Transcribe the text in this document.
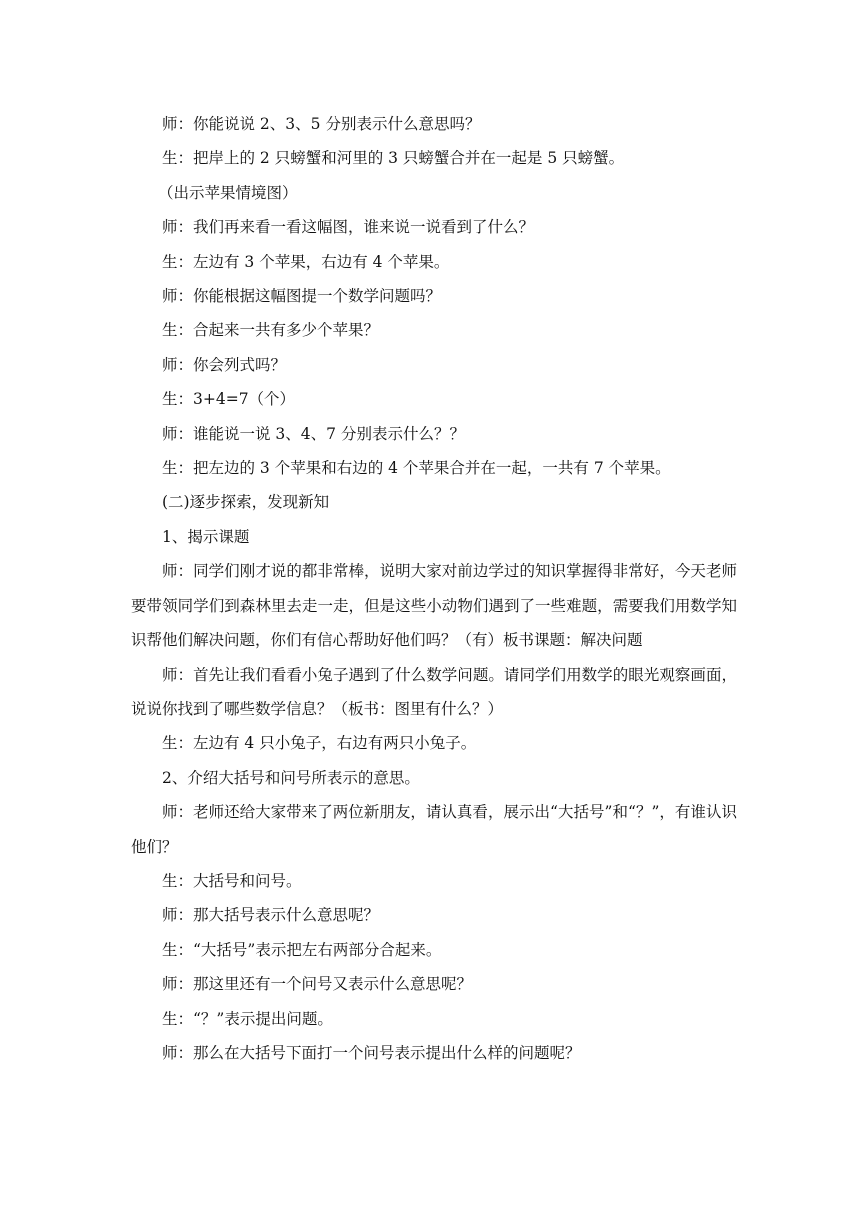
师：你能说说 2、3、5 分别表示什么意思吗？

生：把岸上的 2 只螃蟹和河里的 3 只螃蟹合并在一起是 5 只螃蟹。

（出示苹果情境图）

师：我们再来看一看这幅图，谁来说一说看到了什么？

生：左边有 3 个苹果，右边有 4 个苹果。

师：你能根据这幅图提一个数学问题吗？

生：合起来一共有多少个苹果？

师：你会列式吗？

生：3+4=7（个）

师：谁能说一说 3、4、7 分别表示什么？？

生：把左边的 3 个苹果和右边的 4 个苹果合并在一起，一共有 7 个苹果。

(二)逐步探索，发现新知

1、揭示课题

师：同学们刚才说的都非常棒，说明大家对前边学过的知识掌握得非常好，今天老师要带领同学们到森林里去走一走，但是这些小动物们遇到了一些难题，需要我们用数学知识帮他们解决问题，你们有信心帮助好他们吗？（有）板书课题：解决问题

师：首先让我们看看小兔子遇到了什么数学问题。请同学们用数学的眼光观察画面，说说你找到了哪些数学信息？（板书：图里有什么？）

生：左边有 4 只小兔子，右边有两只小兔子。

2、介绍大括号和问号所表示的意思。

师：老师还给大家带来了两位新朋友，请认真看，展示出“大括号”和“？”，有谁认识他们？

生：大括号和问号。

师：那大括号表示什么意思呢？

生：“大括号”表示把左右两部分合起来。

师：那这里还有一个问号又表示什么意思呢？

生：“？”表示提出问题。

师：那么在大括号下面打一个问号表示提出什么样的问题呢？
